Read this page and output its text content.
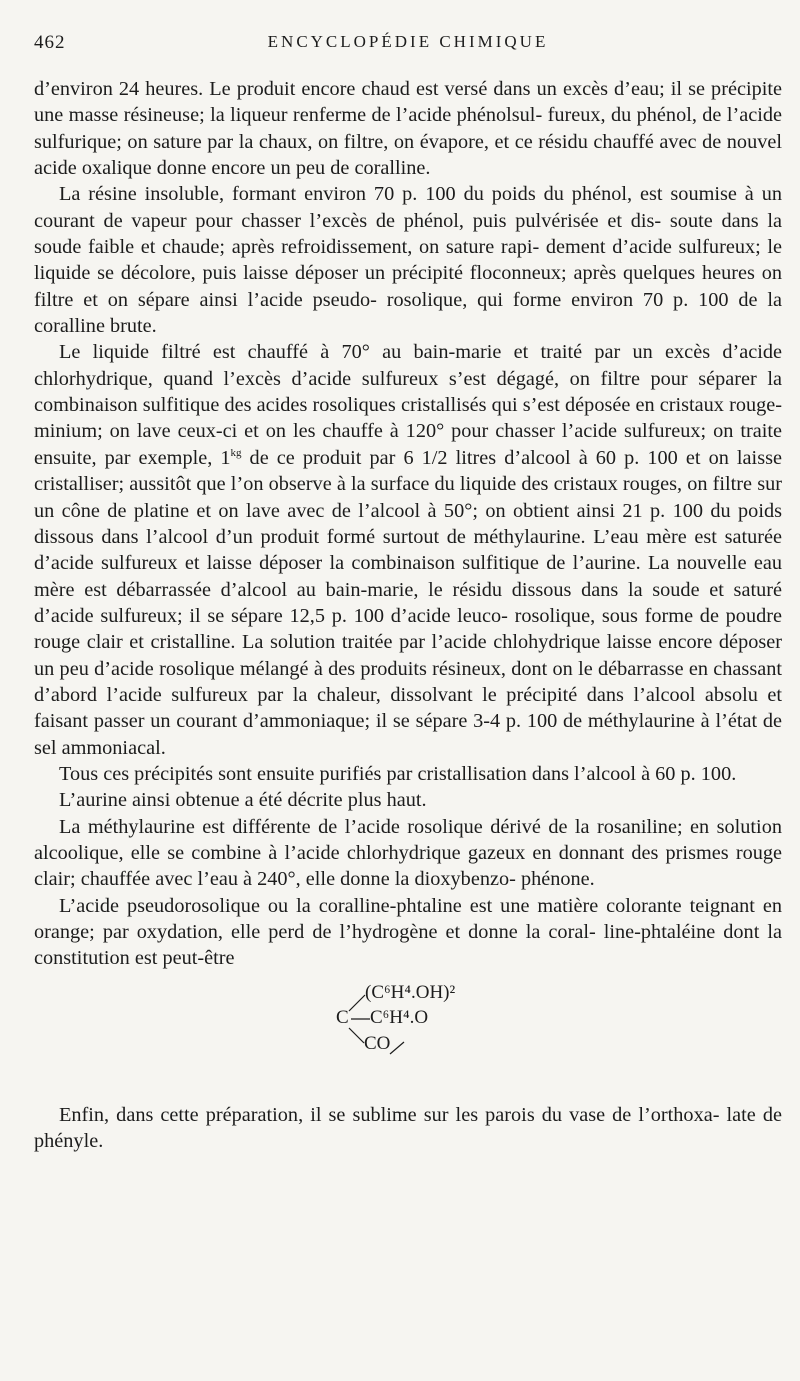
462	ENCYCLOPÉDIE CHIMIQUE

d’environ 24 heures. Le produit encore chaud est versé dans un excès d’eau; il se précipite une masse résineuse; la liqueur renferme de l’acide phénolsul- fureux, du phénol, de l’acide sulfurique; on sature par la chaux, on filtre, on évapore, et ce résidu chauffé avec de nouvel acide oxalique donne encore un peu de coralline.

La résine insoluble, formant environ 70 p. 100 du poids du phénol, est soumise à un courant de vapeur pour chasser l’excès de phénol, puis pulvérisée et dis- soute dans la soude faible et chaude; après refroidissement, on sature rapi- dement d’acide sulfureux; le liquide se décolore, puis laisse déposer un précipité floconneux; après quelques heures on filtre et on sépare ainsi l’acide pseudo- rosolique, qui forme environ 70 p. 100 de la coralline brute.

Le liquide filtré est chauffé à 70° au bain-marie et traité par un excès d’acide chlorhydrique, quand l’excès d’acide sulfureux s’est dégagé, on filtre pour séparer la combinaison sulfitique des acides rosoliques cristallisés qui s’est déposée en cristaux rouge-minium; on lave ceux-ci et on les chauffe à 120° pour chasser l’acide sulfureux; on traite ensuite, par exemple, $1^{kg}$ de ce produit par 6 1/2 litres d’alcool à 60 p. 100 et on laisse cristalliser; aussitôt que l’on observe à la surface du liquide des cristaux rouges, on filtre sur un cône de platine et on lave avec de l’alcool à 50°; on obtient ainsi 21 p. 100 du poids dissous dans l’alcool d’un produit formé surtout de méthylaurine. L’eau mère est saturée d’acide sulfureux et laisse déposer la combinaison sulfitique de l’aurine. La nouvelle eau mère est débarrassée d’alcool au bain-marie, le résidu dissous dans la soude et saturé d’acide sulfureux; il se sépare 12,5 p. 100 d’acide leuco- rosolique, sous forme de poudre rouge clair et cristalline. La solution traitée par l’acide chlohydrique laisse encore déposer un peu d’acide rosolique mélangé à des produits résineux, dont on le débarrasse en chassant d’abord l’acide sulfureux par la chaleur, dissolvant le précipité dans l’alcool absolu et faisant passer un courant d’ammoniaque; il se sépare 3-4 p. 100 de méthylaurine à l’état de sel ammoniacal.

Tous ces précipités sont ensuite purifiés par cristallisation dans l’alcool à 60 p. 100.

L’aurine ainsi obtenue a été décrite plus haut.

La méthylaurine est différente de l’acide rosolique dérivé de la rosaniline; en solution alcoolique, elle se combine à l’acide chlorhydrique gazeux en donnant des prismes rouge clair; chauffée avec l’eau à 240°, elle donne la dioxybenzo- phénone.

L’acide pseudorosolique ou la coralline-phtaline est une matière colorante teignant en orange; par oxydation, elle perd de l’hydrogène et donne la coral- line-phtaléine dont la constitution est peut-être

(C⁶H⁴.OH)²
C C⁶H⁴.O
CO

Enfin, dans cette préparation, il se sublime sur les parois du vase de l’orthoxa- late de phényle.
